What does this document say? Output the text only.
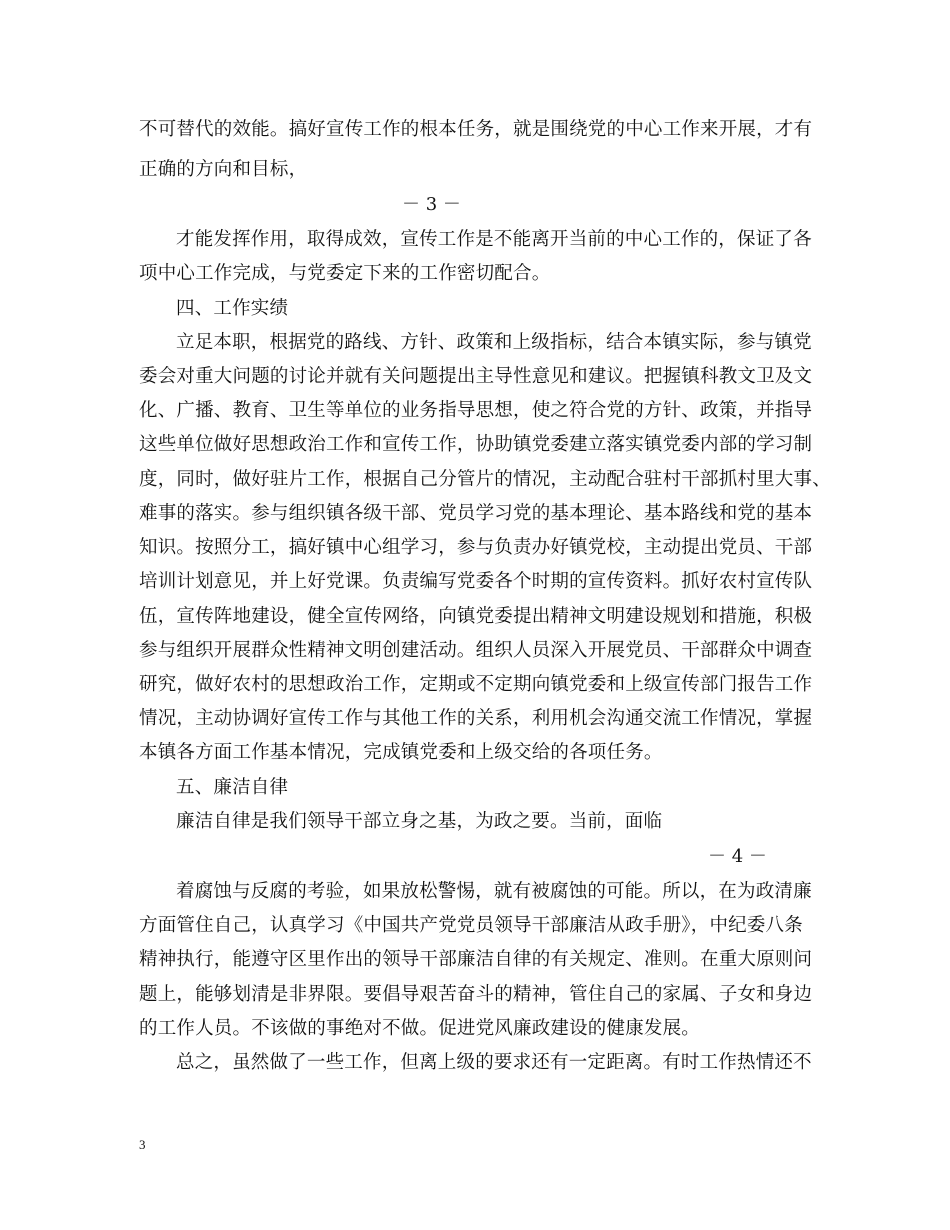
不可替代的效能。搞好宣传工作的根本任务，就是围绕党的中心工作来开展，才有
正确的方向和目标，
－ 3 －
才能发挥作用，取得成效，宣传工作是不能离开当前的中心工作的，保证了各
项中心工作完成，与党委定下来的工作密切配合。
四、工作实绩
立足本职，根据党的路线、方针、政策和上级指标，结合本镇实际，参与镇党
委会对重大问题的讨论并就有关问题提出主导性意见和建议。把握镇科教文卫及文
化、广播、教育、卫生等单位的业务指导思想，使之符合党的方针、政策，并指导
这些单位做好思想政治工作和宣传工作，协助镇党委建立落实镇党委内部的学习制
度，同时，做好驻片工作，根据自己分管片的情况，主动配合驻村干部抓村里大事、
难事的落实。参与组织镇各级干部、党员学习党的基本理论、基本路线和党的基本
知识。按照分工，搞好镇中心组学习，参与负责办好镇党校，主动提出党员、干部
培训计划意见，并上好党课。负责编写党委各个时期的宣传资料。抓好农村宣传队
伍，宣传阵地建设，健全宣传网络，向镇党委提出精神文明建设规划和措施，积极
参与组织开展群众性精神文明创建活动。组织人员深入开展党员、干部群众中调查
研究，做好农村的思想政治工作，定期或不定期向镇党委和上级宣传部门报告工作
情况，主动协调好宣传工作与其他工作的关系，利用机会沟通交流工作情况，掌握
本镇各方面工作基本情况，完成镇党委和上级交给的各项任务。
五、廉洁自律
廉洁自律是我们领导干部立身之基，为政之要。当前，面临
－ 4 －
着腐蚀与反腐的考验，如果放松警惕，就有被腐蚀的可能。所以，在为政清廉
方面管住自己，认真学习《中国共产党党员领导干部廉洁从政手册》，中纪委八条
精神执行，能遵守区里作出的领导干部廉洁自律的有关规定、准则。在重大原则问
题上，能够划清是非界限。要倡导艰苦奋斗的精神，管住自己的家属、子女和身边
的工作人员。不该做的事绝对不做。促进党风廉政建设的健康发展。
总之，虽然做了一些工作，但离上级的要求还有一定距离。有时工作热情还不
3
